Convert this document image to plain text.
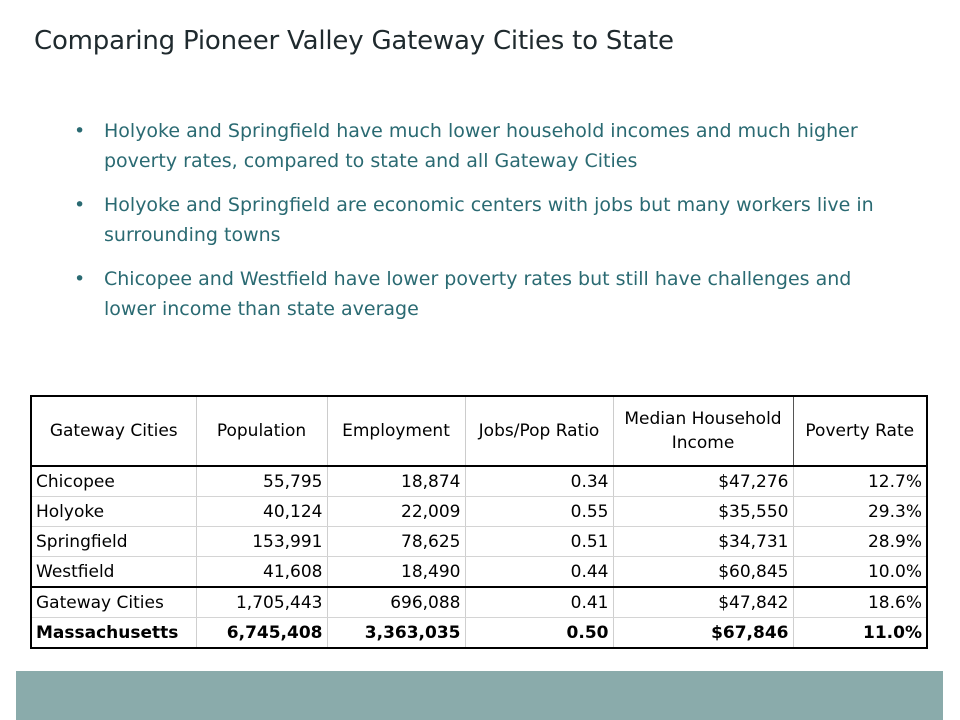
Comparing Pioneer Valley Gateway Cities to State
• Holyoke and Springfield have much lower household incomes and much higher poverty rates, compared to state and all Gateway Cities
• Holyoke and Springfield are economic centers with jobs but many workers live in surrounding towns
• Chicopee and Westfield have lower poverty rates but still have challenges and lower income than state average
Gateway Cities	Population	Employment	Jobs/Pop Ratio	Median Household Income	Poverty Rate
Chicopee	55,795	18,874	0.34	$47,276	12.7%
Holyoke	40,124	22,009	0.55	$35,550	29.3%
Springfield	153,991	78,625	0.51	$34,731	28.9%
Westfield	41,608	18,490	0.44	$60,845	10.0%
Gateway Cities	1,705,443	696,088	0.41	$47,842	18.6%
Massachusetts	6,745,408	3,363,035	0.50	$67,846	11.0%
